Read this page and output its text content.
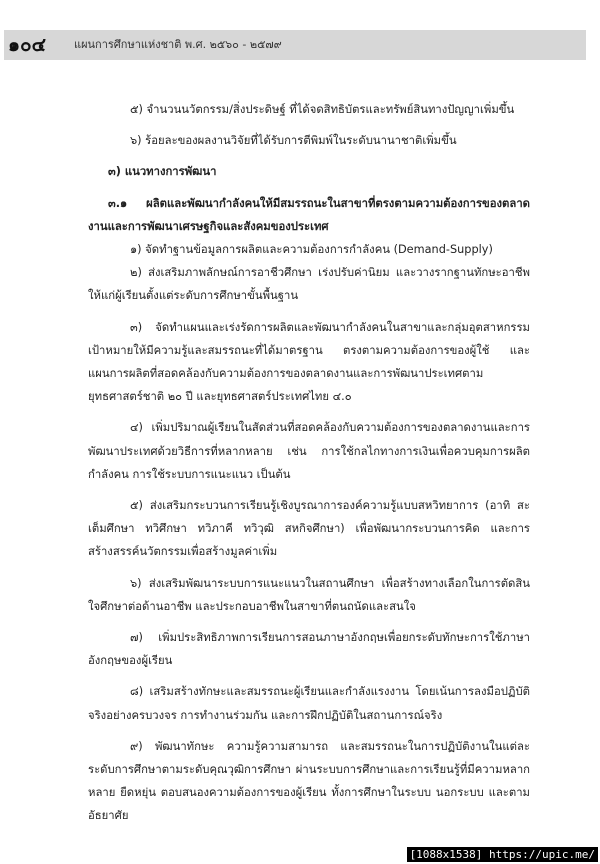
๑๐๔	แผนการศึกษาแห่งชาติ พ.ศ. ๒๕๖๐ - ๒๕๗๙

๕) จำนวนนวัตกรรม/สิ่งประดิษฐ์ ที่ได้จดสิทธิบัตรและทรัพย์สินทางปัญญาเพิ่มขึ้น

๖) ร้อยละของผลงานวิจัยที่ได้รับการตีพิมพ์ในระดับนานาชาติเพิ่มขึ้น

๓) แนวทางการพัฒนา

๓.๑ ผลิตและพัฒนากำลังคนให้มีสมรรถนะในสาขาที่ตรงตามความต้องการของตลาดงานและการพัฒนาเศรษฐกิจและสังคมของประเทศ

๑) จัดทำฐานข้อมูลการผลิตและความต้องการกำลังคน (Demand-Supply)

๒) ส่งเสริมภาพลักษณ์การอาชีวศึกษา เร่งปรับค่านิยม และวางรากฐานทักษะอาชีพให้แก่ผู้เรียนตั้งแต่ระดับการศึกษาขั้นพื้นฐาน

๓) จัดทำแผนและเร่งรัดการผลิตและพัฒนากำลังคนในสาขาและกลุ่มอุตสาหกรรมเป้าหมายให้มีความรู้และสมรรถนะที่ได้มาตรฐาน ตรงตามความต้องการของผู้ใช้ และแผนการผลิตที่สอดคล้องกับความต้องการของตลาดงานและการพัฒนาประเทศตามยุทธศาสตร์ชาติ ๒๐ ปี และยุทธศาสตร์ประเทศไทย ๔.๐

๔) เพิ่มปริมาณผู้เรียนในสัดส่วนที่สอดคล้องกับความต้องการของตลาดงานและการพัฒนาประเทศด้วยวิธีการที่หลากหลาย เช่น การใช้กลไกทางการเงินเพื่อควบคุมการผลิตกำลังคน การใช้ระบบการแนะแนว เป็นต้น

๕) ส่งเสริมกระบวนการเรียนรู้เชิงบูรณาการองค์ความรู้แบบสหวิทยาการ (อาทิ สะเต็มศึกษา ทวิศึกษา ทวิภาคี ทวิวุฒิ สหกิจศึกษา) เพื่อพัฒนากระบวนการคิด และการสร้างสรรค์นวัตกรรมเพื่อสร้างมูลค่าเพิ่ม

๖) ส่งเสริมพัฒนาระบบการแนะแนวในสถานศึกษา เพื่อสร้างทางเลือกในการตัดสินใจศึกษาต่อด้านอาชีพ และประกอบอาชีพในสาขาที่ตนถนัดและสนใจ

๗) เพิ่มประสิทธิภาพการเรียนการสอนภาษาอังกฤษเพื่อยกระดับทักษะการใช้ภาษาอังกฤษของผู้เรียน

๘) เสริมสร้างทักษะและสมรรถนะผู้เรียนและกำลังแรงงาน โดยเน้นการลงมือปฏิบัติจริงอย่างครบวงจร การทำงานร่วมกัน และการฝึกปฏิบัติในสถานการณ์จริง

๙) พัฒนาทักษะ ความรู้ความสามารถ และสมรรถนะในการปฏิบัติงานในแต่ละระดับการศึกษาตามระดับคุณวุฒิการศึกษา ผ่านระบบการศึกษาและการเรียนรู้ที่มีความหลากหลาย ยืดหยุ่น ตอบสนองความต้องการของผู้เรียน ทั้งการศึกษาในระบบ นอกระบบ และตามอัธยาศัย

[1088x1538] https://upic.me/
